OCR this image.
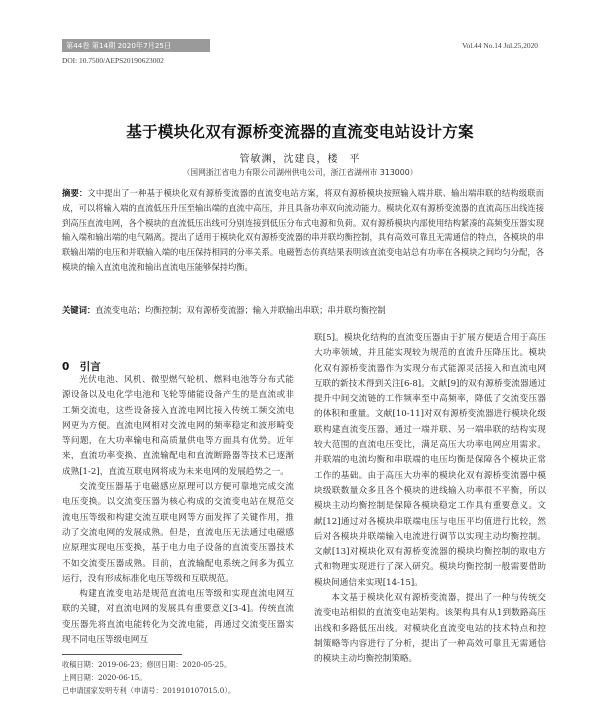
第44卷 第14期 2020年7月25日	Vol.44 No.14 Jul.25,2020
DOI: 10.7500/AEPS20190623002
基于模块化双有源桥变流器的直流变电站设计方案
管敏渊，沈建良，楼　平
（国网浙江省电力有限公司湖州供电公司，浙江省湖州市 313000）
摘要：文中提出了一种基于模块化双有源桥变流器的直流变电站方案，将双有源桥模块按照输入端并联、输出端串联的结构级联而成，可以将输入端的直流低压升压至输出端的直流中高压，并且具备功率双向流动能力。模块化双有源桥变流器的直流高压出线连接到高压直流电网，各个模块的直流低压出线可分别连接到低压分布式电源和负荷。双有源桥模块内部使用结构紧凑的高频变压器实现输入端和输出端的电气隔离。提出了适用于模块化双有源桥变流器的串并联均衡控制，具有高效可靠且无需通信的特点，各模块的串联输出端的电压和并联输入端的电压保持相同的分率关系。电磁暂态仿真结果表明该直流变电站总有功率在各模块之间均匀分配，各模块的输入直流电流和输出直流电压能够保持均衡。
关键词：直流变电站；均衡控制；双有源桥变流器；输入并联输出串联；串并联均衡控制
0　引言

光伏电池、风机、微型燃气轮机、燃料电池等分布式能源设备以及电化学电池和飞轮等储能设备产生的是直流或非工频交流电，这些设备接入直流电网比接入传统工频交流电网更为方便。直流电网相对交流电网的频率稳定和波形畸变等问题，在大功率输电和高质量供电等方面具有优势。近年来，直流功率变换、直流输配电和直流断路器等技术已逐渐成熟[1-2]，直流互联电网将成为未来电网的发展趋势之一。

交流变压器基于电磁感应原理可以方便可靠地完成交流电压变换。以交流变压器为核心构成的交流变电站在规范交流电压等级和构建交流互联电网等方面发挥了关键作用，推动了交流电网的发展成熟。但是，直流电压无法通过电磁感应原理实现电压变换，基于电力电子设备的直流变压器技术不如交流变压器成熟。目前，直流输配电系统之间多为孤立运行，没有形成标准化电压等级和互联规范。

构建直流变电站是规范直流电压等级和实现直流电网互联的关键，对直流电网的发展具有重要意义[3-4]。传统直流变压器先将直流电能转化为交流电能，再通过交流变压器实现不同电压等级电网互

联[5]。模块化结构的直流变压器由于扩展方便适合用于高压大功率领域，并且能实现较为规范的直流升压降压比。模块化双有源桥变流器作为实现分布式能源灵活接入和直流电网互联的新技术得到关注[6-8]。文献[9]的双有源桥变流器通过提升中间交流链的工作频率至中高频率，降低了交流变压器的体积和重量。文献[10-11]对双有源桥变流器进行模块化级联构建直流变压器，通过一端并联、另一端串联的结构实现较大范围的直流电压变比，满足高压大功率电网应用需求。并联端的电流均衡和串联端的电压均衡是保障各个模块正常工作的基础。由于高压大功率的模块化双有源桥变流器中模块级联数量众多且各个模块的进线输入功率很不平衡，所以模块主动均衡控制是保障各模块稳定工作具有重要意义。文献[12]通过对各模块串联端电压与电压平均值进行比较，然后对各模块并联端输入电流进行调节以实现主动均衡控制。文献[13]对模块化双有源桥变流器的模块均衡控制的取电方式和物理实现进行了深入研究。模块均衡控制一般需要借助模块间通信来实现[14-15]。

本文基于模块化双有源桥变流器，提出了一种与传统交流变电站相似的直流变电站架构。该架构具有从1到数路高压出线和多路低压出线。对模块化直流变电站的技术特点和控制策略等内容进行了分析，提出了一种高效可靠且无需通信的模块主动均衡控制策略。

收稿日期：2019-06-23；修回日期：2020-05-25。
上网日期：2020-06-15。
已申请国家发明专利（申请号：201910107015.0）。
